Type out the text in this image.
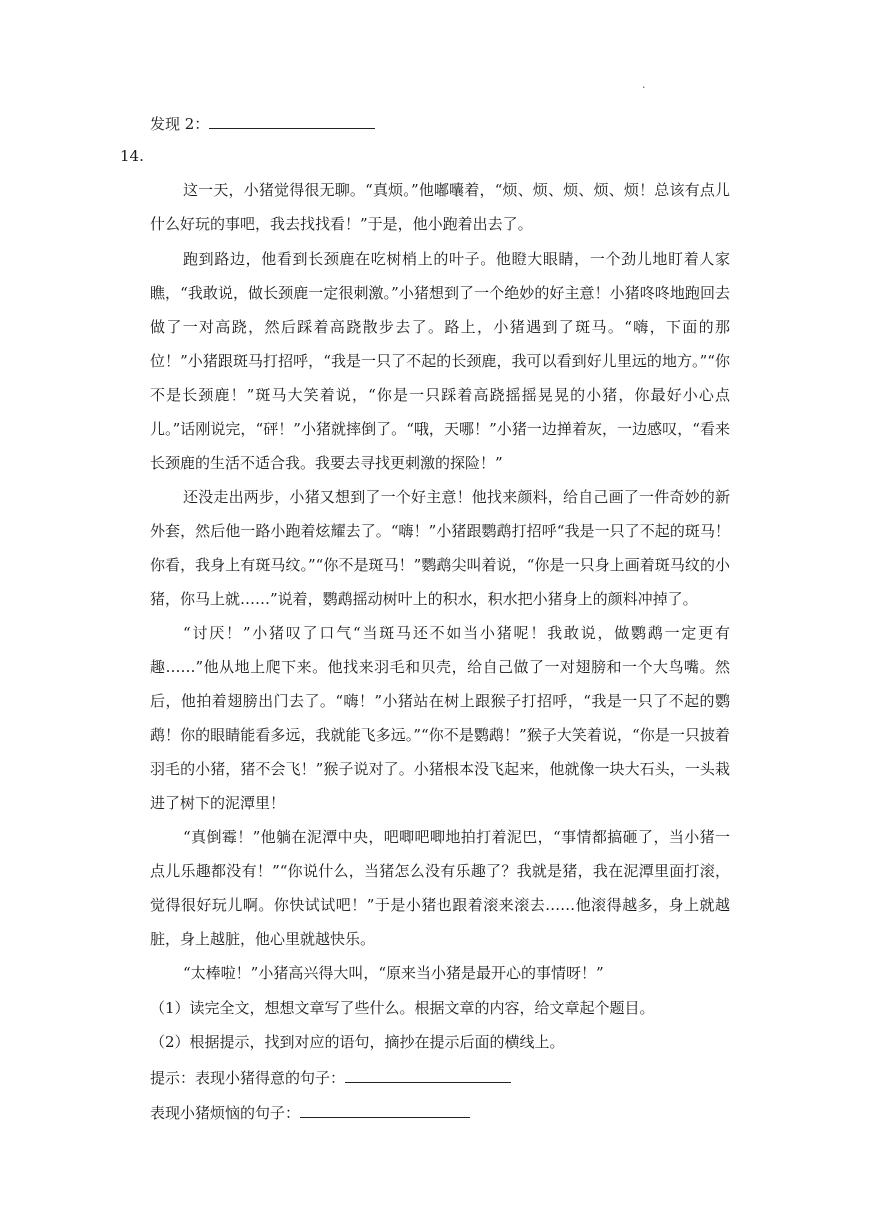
.
发现 2：
14.

这一天，小猪觉得很无聊。“真烦。”他嘟囔着，“烦、烦、烦、烦、烦！总该有点儿什么好玩的事吧，我去找找看！”于是，他小跑着出去了。

跑到路边，他看到长颈鹿在吃树梢上的叶子。他瞪大眼睛，一个劲儿地盯着人家瞧，“我敢说，做长颈鹿一定很刺激。”小猪想到了一个绝妙的好主意！小猪咚咚地跑回去做了一对高跷，然后踩着高跷散步去了。路上，小猪遇到了斑马。“嗨，下面的那位！”小猪跟斑马打招呼，“我是一只了不起的长颈鹿，我可以看到好儿里远的地方。”“你不是长颈鹿！”斑马大笑着说，“你是一只踩着高跷摇摇晃晃的小猪，你最好小心点儿。”话刚说完，“砰！”小猪就摔倒了。“哦，天哪！”小猪一边掸着灰，一边感叹，“看来长颈鹿的生活不适合我。我要去寻找更刺激的探险！”

还没走出两步，小猪又想到了一个好主意！他找来颜料，给自己画了一件奇妙的新外套，然后他一路小跑着炫耀去了。“嗨！”小猪跟鹦鹉打招呼“我是一只了不起的斑马！你看，我身上有斑马纹。”“你不是斑马！”鹦鹉尖叫着说，“你是一只身上画着斑马纹的小猪，你马上就……”说着，鹦鹉摇动树叶上的积水，积水把小猪身上的颜料冲掉了。

“讨厌！”小猪叹了口气“当斑马还不如当小猪呢！我敢说，做鹦鹉一定更有趣……”他从地上爬下来。他找来羽毛和贝壳，给自己做了一对翅膀和一个大鸟嘴。然后，他拍着翅膀出门去了。“嗨！”小猪站在树上跟猴子打招呼，“我是一只了不起的鹦鹉！你的眼睛能看多远，我就能飞多远。”“你不是鹦鹉！”猴子大笑着说，“你是一只披着羽毛的小猪，猪不会飞！”猴子说对了。小猪根本没飞起来，他就像一块大石头，一头栽进了树下的泥潭里！

“真倒霉！”他躺在泥潭中央，吧唧吧唧地拍打着泥巴，“事情都搞砸了，当小猪一点儿乐趣都没有！”“你说什么，当猪怎么没有乐趣了？我就是猪，我在泥潭里面打滚，觉得很好玩儿啊。你快试试吧！”于是小猪也跟着滚来滚去……他滚得越多，身上就越脏，身上越脏，他心里就越快乐。

“太棒啦！”小猪高兴得大叫，“原来当小猪是最开心的事情呀！”

（1）读完全文，想想文章写了些什么。根据文章的内容，给文章起个题目。
（2）根据提示，找到对应的语句，摘抄在提示后面的横线上。
提示：表现小猪得意的句子：
表现小猪烦恼的句子：
